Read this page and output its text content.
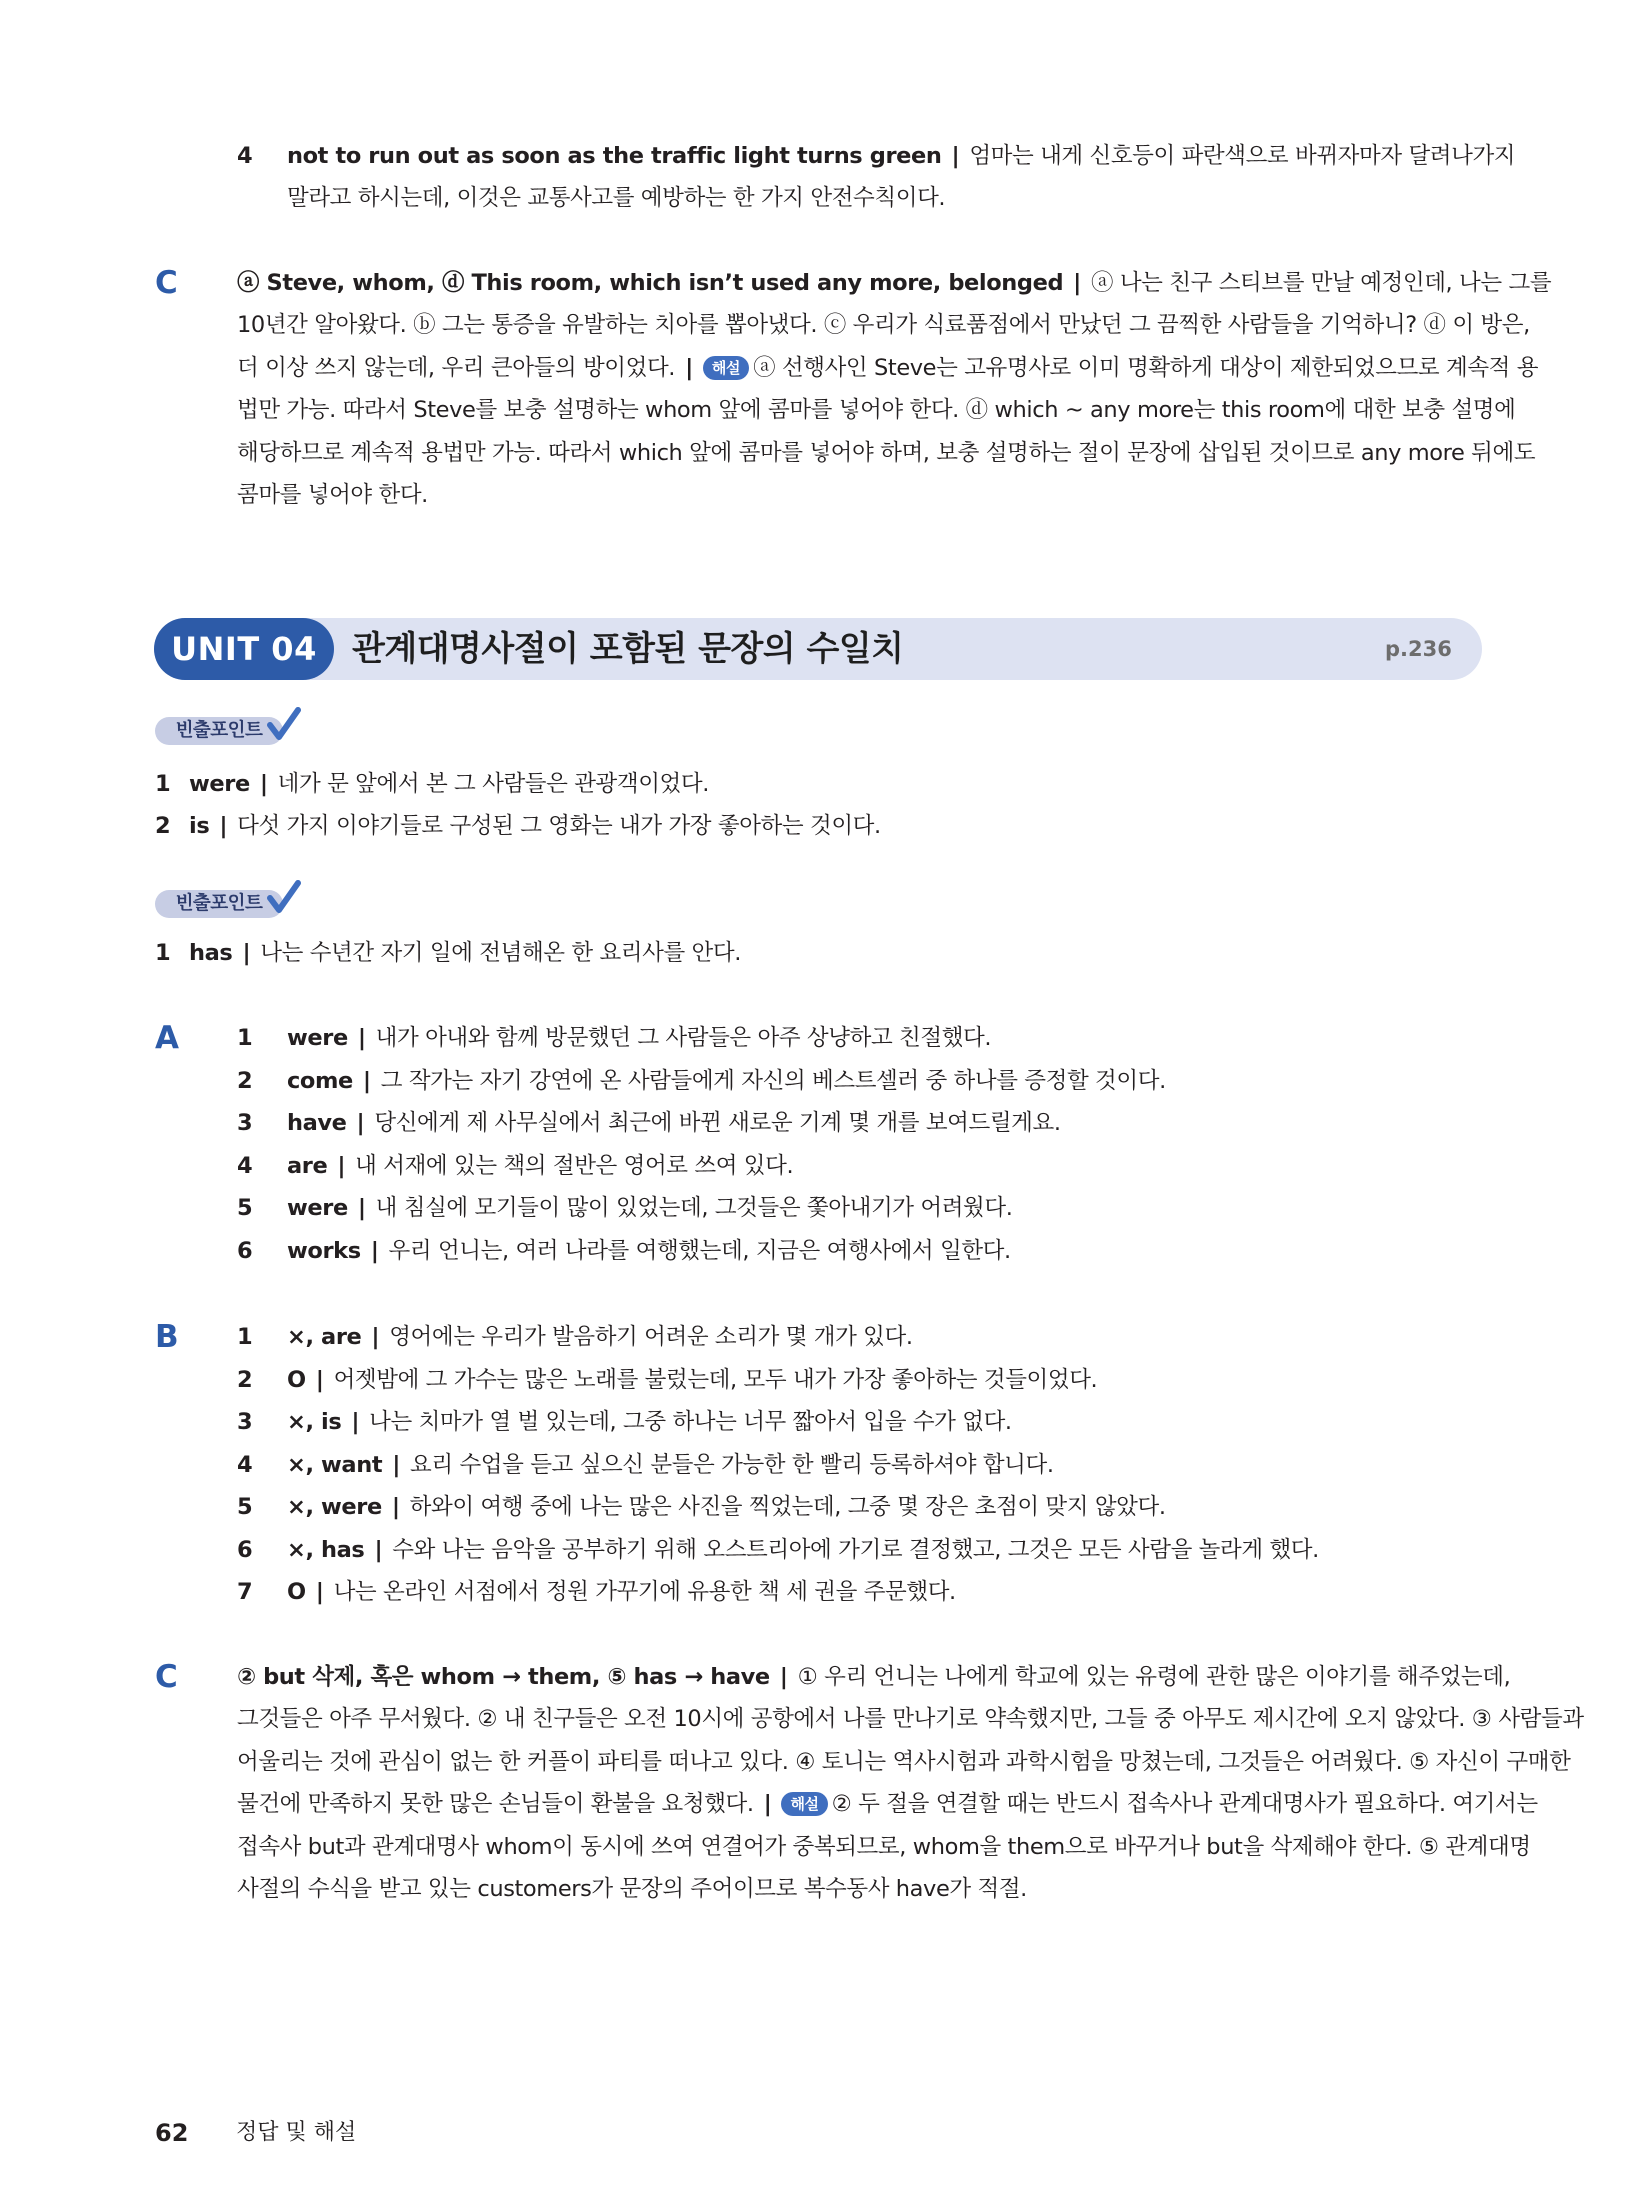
4	not to run out as soon as the traffic light turns green | 엄마는 내게 신호등이 파란색으로 바뀌자마자 달려나가지
말라고 하시는데, 이것은 교통사고를 예방하는 한 가지 안전수칙이다.
C	ⓐ Steve, whom, ⓓ This room, which isn’t used any more, belonged | ⓐ 나는 친구 스티브를 만날 예정인데, 나는 그를
10년간 알아왔다. ⓑ 그는 통증을 유발하는 치아를 뽑아냈다. ⓒ 우리가 식료품점에서 만났던 그 끔찍한 사람들을 기억하니? ⓓ 이 방은,
더 이상 쓰지 않는데, 우리 큰아들의 방이었다. | 해설 ⓐ 선행사인 Steve는 고유명사로 이미 명확하게 대상이 제한되었으므로 계속적 용
법만 가능. 따라서 Steve를 보충 설명하는 whom 앞에 콤마를 넣어야 한다. ⓓ which ~ any more는 this room에 대한 보충 설명에
해당하므로 계속적 용법만 가능. 따라서 which 앞에 콤마를 넣어야 하며, 보충 설명하는 절이 문장에 삽입된 것이므로 any more 뒤에도
콤마를 넣어야 한다.
UNIT 04	관계대명사절이 포함된 문장의 수일치	p.236
빈출포인트
1 were | 네가 문 앞에서 본 그 사람들은 관광객이었다.
2 is | 다섯 가지 이야기들로 구성된 그 영화는 내가 가장 좋아하는 것이다.
빈출포인트
1 has | 나는 수년간 자기 일에 전념해온 한 요리사를 안다.
A	1 were | 내가 아내와 함께 방문했던 그 사람들은 아주 상냥하고 친절했다.
2 come | 그 작가는 자기 강연에 온 사람들에게 자신의 베스트셀러 중 하나를 증정할 것이다.
3 have | 당신에게 제 사무실에서 최근에 바뀐 새로운 기계 몇 개를 보여드릴게요.
4 are | 내 서재에 있는 책의 절반은 영어로 쓰여 있다.
5 were | 내 침실에 모기들이 많이 있었는데, 그것들은 쫓아내기가 어려웠다.
6 works | 우리 언니는, 여러 나라를 여행했는데, 지금은 여행사에서 일한다.
B	1 ×, are | 영어에는 우리가 발음하기 어려운 소리가 몇 개가 있다.
2 O | 어젯밤에 그 가수는 많은 노래를 불렀는데, 모두 내가 가장 좋아하는 것들이었다.
3 ×, is | 나는 치마가 열 벌 있는데, 그중 하나는 너무 짧아서 입을 수가 없다.
4 ×, want | 요리 수업을 듣고 싶으신 분들은 가능한 한 빨리 등록하셔야 합니다.
5 ×, were | 하와이 여행 중에 나는 많은 사진을 찍었는데, 그중 몇 장은 초점이 맞지 않았다.
6 ×, has | 수와 나는 음악을 공부하기 위해 오스트리아에 가기로 결정했고, 그것은 모든 사람을 놀라게 했다.
7 O | 나는 온라인 서점에서 정원 가꾸기에 유용한 책 세 권을 주문했다.
C	② but 삭제, 혹은 whom → them, ⑤ has → have | ① 우리 언니는 나에게 학교에 있는 유령에 관한 많은 이야기를 해주었는데,
그것들은 아주 무서웠다. ② 내 친구들은 오전 10시에 공항에서 나를 만나기로 약속했지만, 그들 중 아무도 제시간에 오지 않았다. ③ 사람들과
어울리는 것에 관심이 없는 한 커플이 파티를 떠나고 있다. ④ 토니는 역사시험과 과학시험을 망쳤는데, 그것들은 어려웠다. ⑤ 자신이 구매한
물건에 만족하지 못한 많은 손님들이 환불을 요청했다. | 해설 ② 두 절을 연결할 때는 반드시 접속사나 관계대명사가 필요하다. 여기서는
접속사 but과 관계대명사 whom이 동시에 쓰여 연결어가 중복되므로, whom을 them으로 바꾸거나 but을 삭제해야 한다. ⑤ 관계대명
사절의 수식을 받고 있는 customers가 문장의 주어이므로 복수동사 have가 적절.
62 정답 및 해설
